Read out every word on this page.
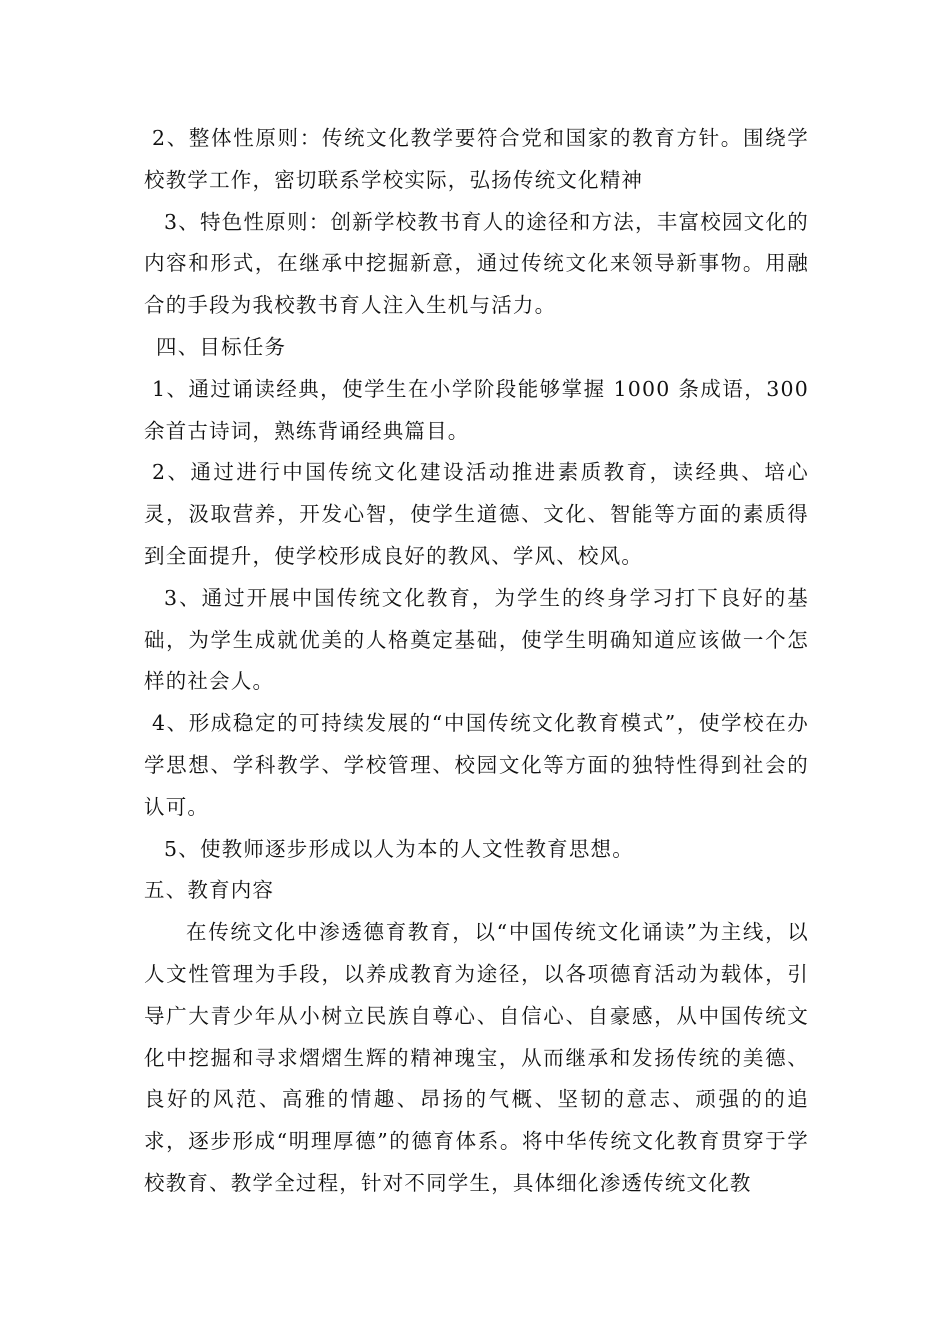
2、整体性原则：传统文化教学要符合党和国家的教育方针。围绕学校教学工作，密切联系学校实际，弘扬传统文化精神

3、特色性原则：创新学校教书育人的途径和方法，丰富校园文化的内容和形式，在继承中挖掘新意，通过传统文化来领导新事物。用融合的手段为我校教书育人注入生机与活力。

四、目标任务

1、通过诵读经典，使学生在小学阶段能够掌握 1000 条成语，300 余首古诗词，熟练背诵经典篇目。

2、通过进行中国传统文化建设活动推进素质教育，读经典、培心灵，汲取营养，开发心智，使学生道德、文化、智能等方面的素质得到全面提升，使学校形成良好的教风、学风、校风。

3、通过开展中国传统文化教育，为学生的终身学习打下良好的基础，为学生成就优美的人格奠定基础，使学生明确知道应该做一个怎样的社会人。

4、形成稳定的可持续发展的“中国传统文化教育模式”，使学校在办学思想、学科教学、学校管理、校园文化等方面的独特性得到社会的认可。

5、使教师逐步形成以人为本的人文性教育思想。

五、教育内容

在传统文化中渗透德育教育，以“中国传统文化诵读”为主线，以人文性管理为手段，以养成教育为途径，以各项德育活动为载体，引导广大青少年从小树立民族自尊心、自信心、自豪感，从中国传统文化中挖掘和寻求熠熠生辉的精神瑰宝，从而继承和发扬传统的美德、良好的风范、高雅的情趣、昂扬的气概、坚韧的意志、顽强的的追求，逐步形成“明理厚德”的德育体系。将中华传统文化教育贯穿于学校教育、教学全过程，针对不同学生，具体细化渗透传统文化教
